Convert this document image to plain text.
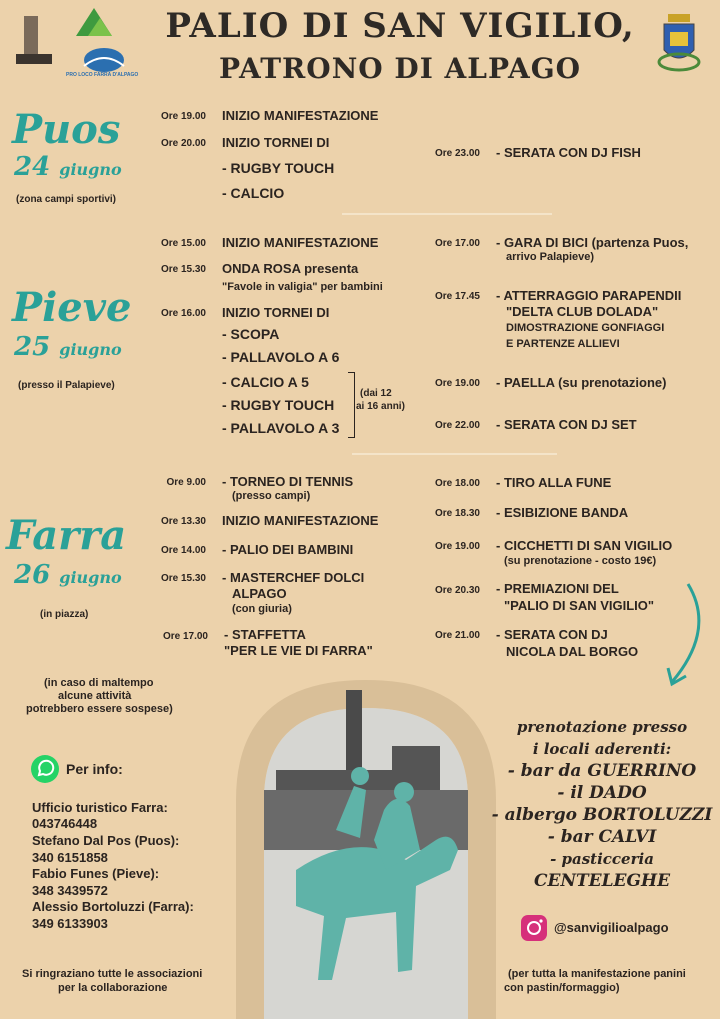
PRO LOCO FARRA D'ALPAGO
PALIO DI SAN VIGILIO,
PATRONO DI ALPAGO
Puos
24 giugno
(zona campi sportivi)
Ore 19.00 INIZIO MANIFESTAZIONE
Ore 20.00 INIZIO TORNEI DI
- RUGBY TOUCH
- CALCIO
Ore 23.00 - SERATA CON DJ FISH
Pieve
25 giugno
(presso il Palapieve)
Ore 15.00 INIZIO MANIFESTAZIONE
Ore 15.30 ONDA ROSA presenta
"Favole in valigia" per bambini
Ore 16.00 INIZIO TORNEI DI
- SCOPA
- PALLAVOLO A 6
- CALCIO A 5
- RUGBY TOUCH
- PALLAVOLO A 3
(dai 12
ai 16 anni)
Ore 17.00 - GARA DI BICI (partenza Puos,
arrivo Palapieve)
Ore 17.45 - ATTERRAGGIO PARAPENDII
"DELTA CLUB DOLADA"
DIMOSTRAZIONE GONFIAGGI
E PARTENZE ALLIEVI
Ore 19.00 - PAELLA (su prenotazione)
Ore 22.00 - SERATA CON DJ SET
Farra
26 giugno
(in piazza)
Ore 9.00 - TORNEO DI TENNIS
(presso campi)
Ore 13.30 INIZIO MANIFESTAZIONE
Ore 14.00 - PALIO DEI BAMBINI
Ore 15.30 - MASTERCHEF DOLCI
ALPAGO
(con giuria)
Ore 17.00 - STAFFETTA
"PER LE VIE DI FARRA"
Ore 18.00 - TIRO ALLA FUNE
Ore 18.30 - ESIBIZIONE BANDA
Ore 19.00 - CICCHETTI DI SAN VIGILIO
(su prenotazione - costo 19€)
Ore 20.30 - PREMIAZIONI DEL
"PALIO DI SAN VIGILIO"
Ore 21.00 - SERATA CON DJ
NICOLA DAL BORGO
(in caso di maltempo
alcune attività
potrebbero essere sospese)
Per info:
Ufficio turistico Farra:
043746448
Stefano Dal Pos (Puos):
340 6151858
Fabio Funes (Pieve):
348 3439572
Alessio Bortoluzzi (Farra):
349 6133903
prenotazione presso
i locali aderenti:
- bar da GUERRINO
- il DADO
- albergo BORTOLUZZI
- bar CALVI
- pasticceria
CENTELEGHE
@sanvigilioalpago
Si ringraziano tutte le associazioni
per la collaborazione
(per tutta la manifestazione panini
con pastin/formaggio)
